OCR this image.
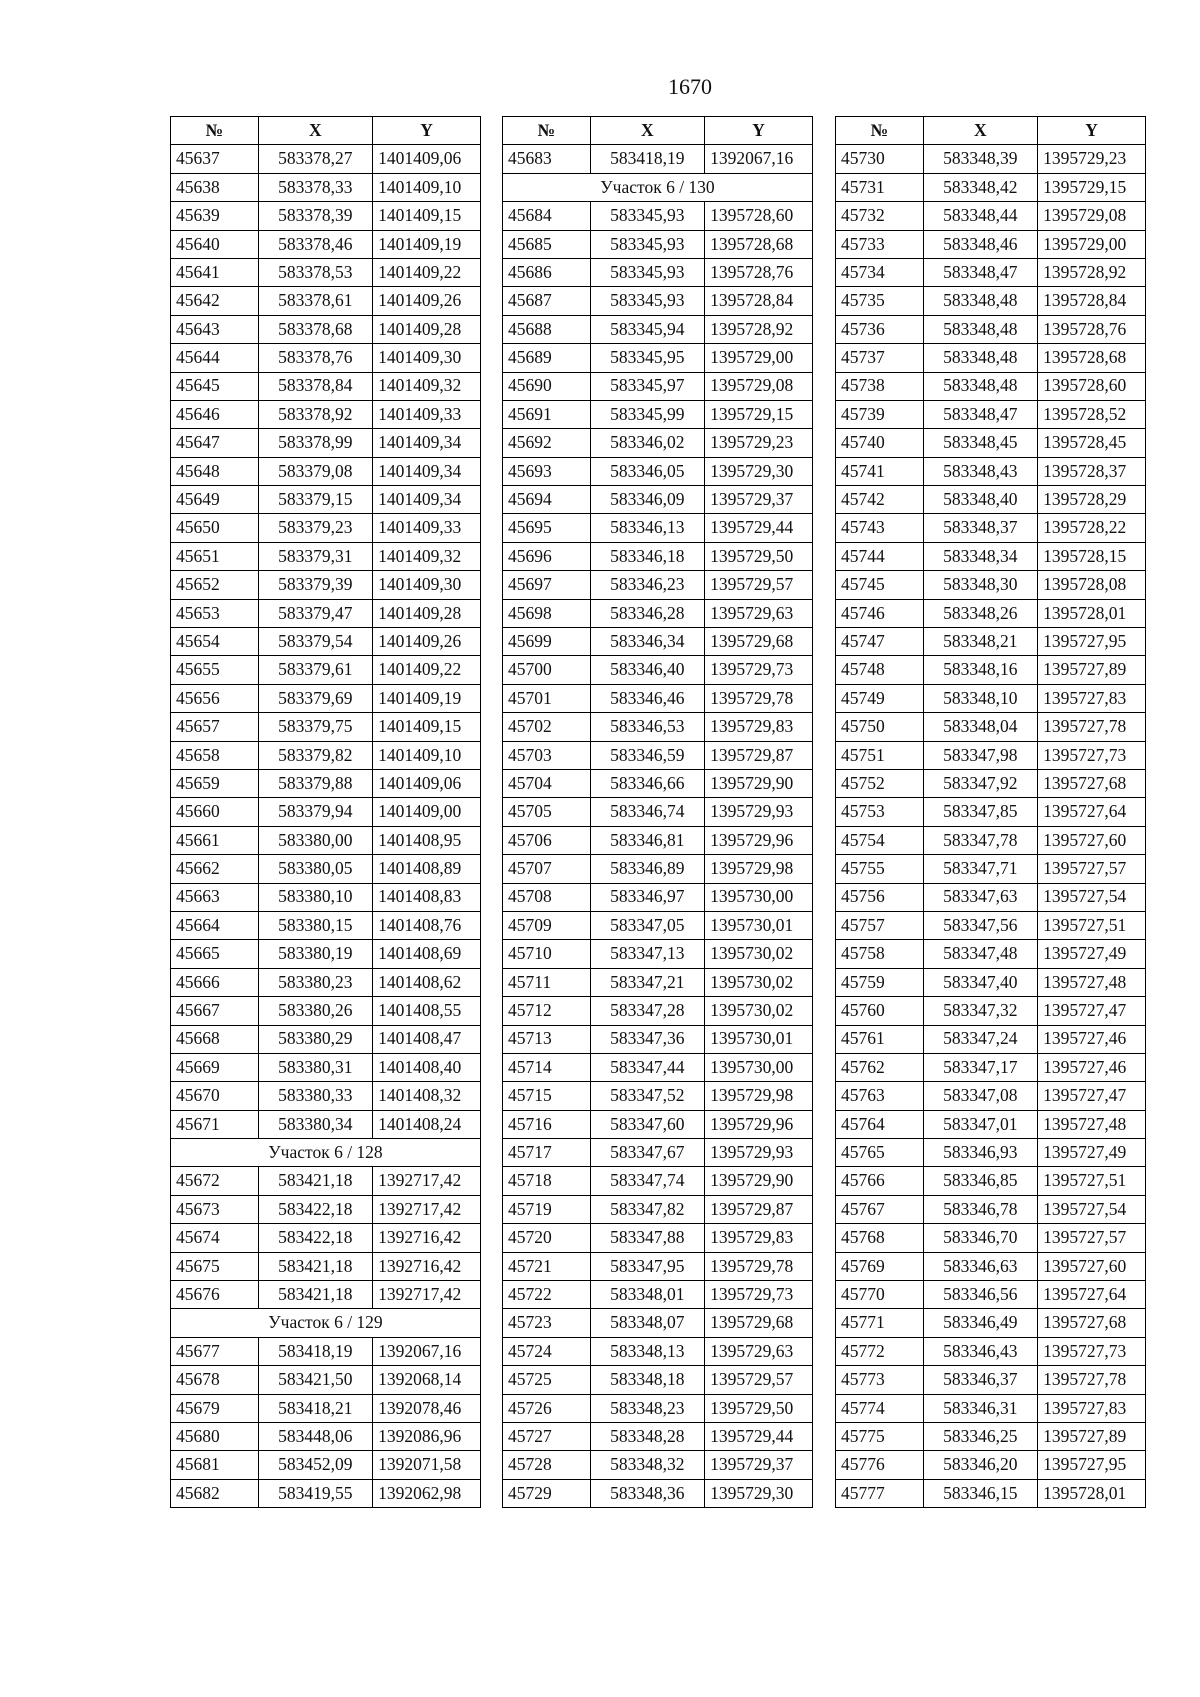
1670
№	X	Y
45637	583378,27	1401409,06
45638	583378,33	1401409,10
45639	583378,39	1401409,15
45640	583378,46	1401409,19
45641	583378,53	1401409,22
45642	583378,61	1401409,26
45643	583378,68	1401409,28
45644	583378,76	1401409,30
45645	583378,84	1401409,32
45646	583378,92	1401409,33
45647	583378,99	1401409,34
45648	583379,08	1401409,34
45649	583379,15	1401409,34
45650	583379,23	1401409,33
45651	583379,31	1401409,32
45652	583379,39	1401409,30
45653	583379,47	1401409,28
45654	583379,54	1401409,26
45655	583379,61	1401409,22
45656	583379,69	1401409,19
45657	583379,75	1401409,15
45658	583379,82	1401409,10
45659	583379,88	1401409,06
45660	583379,94	1401409,00
45661	583380,00	1401408,95
45662	583380,05	1401408,89
45663	583380,10	1401408,83
45664	583380,15	1401408,76
45665	583380,19	1401408,69
45666	583380,23	1401408,62
45667	583380,26	1401408,55
45668	583380,29	1401408,47
45669	583380,31	1401408,40
45670	583380,33	1401408,32
45671	583380,34	1401408,24
Участок 6 / 128		
45672	583421,18	1392717,42
45673	583422,18	1392717,42
45674	583422,18	1392716,42
45675	583421,18	1392716,42
45676	583421,18	1392717,42
Участок 6 / 129		
45677	583418,19	1392067,16
45678	583421,50	1392068,14
45679	583418,21	1392078,46
45680	583448,06	1392086,96
45681	583452,09	1392071,58
45682	583419,55	1392062,98
№	X	Y
45683	583418,19	1392067,16
Участок 6 / 130		
45684	583345,93	1395728,60
45685	583345,93	1395728,68
45686	583345,93	1395728,76
45687	583345,93	1395728,84
45688	583345,94	1395728,92
45689	583345,95	1395729,00
45690	583345,97	1395729,08
45691	583345,99	1395729,15
45692	583346,02	1395729,23
45693	583346,05	1395729,30
45694	583346,09	1395729,37
45695	583346,13	1395729,44
45696	583346,18	1395729,50
45697	583346,23	1395729,57
45698	583346,28	1395729,63
45699	583346,34	1395729,68
45700	583346,40	1395729,73
45701	583346,46	1395729,78
45702	583346,53	1395729,83
45703	583346,59	1395729,87
45704	583346,66	1395729,90
45705	583346,74	1395729,93
45706	583346,81	1395729,96
45707	583346,89	1395729,98
45708	583346,97	1395730,00
45709	583347,05	1395730,01
45710	583347,13	1395730,02
45711	583347,21	1395730,02
45712	583347,28	1395730,02
45713	583347,36	1395730,01
45714	583347,44	1395730,00
45715	583347,52	1395729,98
45716	583347,60	1395729,96
45717	583347,67	1395729,93
45718	583347,74	1395729,90
45719	583347,82	1395729,87
45720	583347,88	1395729,83
45721	583347,95	1395729,78
45722	583348,01	1395729,73
45723	583348,07	1395729,68
45724	583348,13	1395729,63
45725	583348,18	1395729,57
45726	583348,23	1395729,50
45727	583348,28	1395729,44
45728	583348,32	1395729,37
45729	583348,36	1395729,30
№	X	Y
45730	583348,39	1395729,23
45731	583348,42	1395729,15
45732	583348,44	1395729,08
45733	583348,46	1395729,00
45734	583348,47	1395728,92
45735	583348,48	1395728,84
45736	583348,48	1395728,76
45737	583348,48	1395728,68
45738	583348,48	1395728,60
45739	583348,47	1395728,52
45740	583348,45	1395728,45
45741	583348,43	1395728,37
45742	583348,40	1395728,29
45743	583348,37	1395728,22
45744	583348,34	1395728,15
45745	583348,30	1395728,08
45746	583348,26	1395728,01
45747	583348,21	1395727,95
45748	583348,16	1395727,89
45749	583348,10	1395727,83
45750	583348,04	1395727,78
45751	583347,98	1395727,73
45752	583347,92	1395727,68
45753	583347,85	1395727,64
45754	583347,78	1395727,60
45755	583347,71	1395727,57
45756	583347,63	1395727,54
45757	583347,56	1395727,51
45758	583347,48	1395727,49
45759	583347,40	1395727,48
45760	583347,32	1395727,47
45761	583347,24	1395727,46
45762	583347,17	1395727,46
45763	583347,08	1395727,47
45764	583347,01	1395727,48
45765	583346,93	1395727,49
45766	583346,85	1395727,51
45767	583346,78	1395727,54
45768	583346,70	1395727,57
45769	583346,63	1395727,60
45770	583346,56	1395727,64
45771	583346,49	1395727,68
45772	583346,43	1395727,73
45773	583346,37	1395727,78
45774	583346,31	1395727,83
45775	583346,25	1395727,89
45776	583346,20	1395727,95
45777	583346,15	1395728,01
